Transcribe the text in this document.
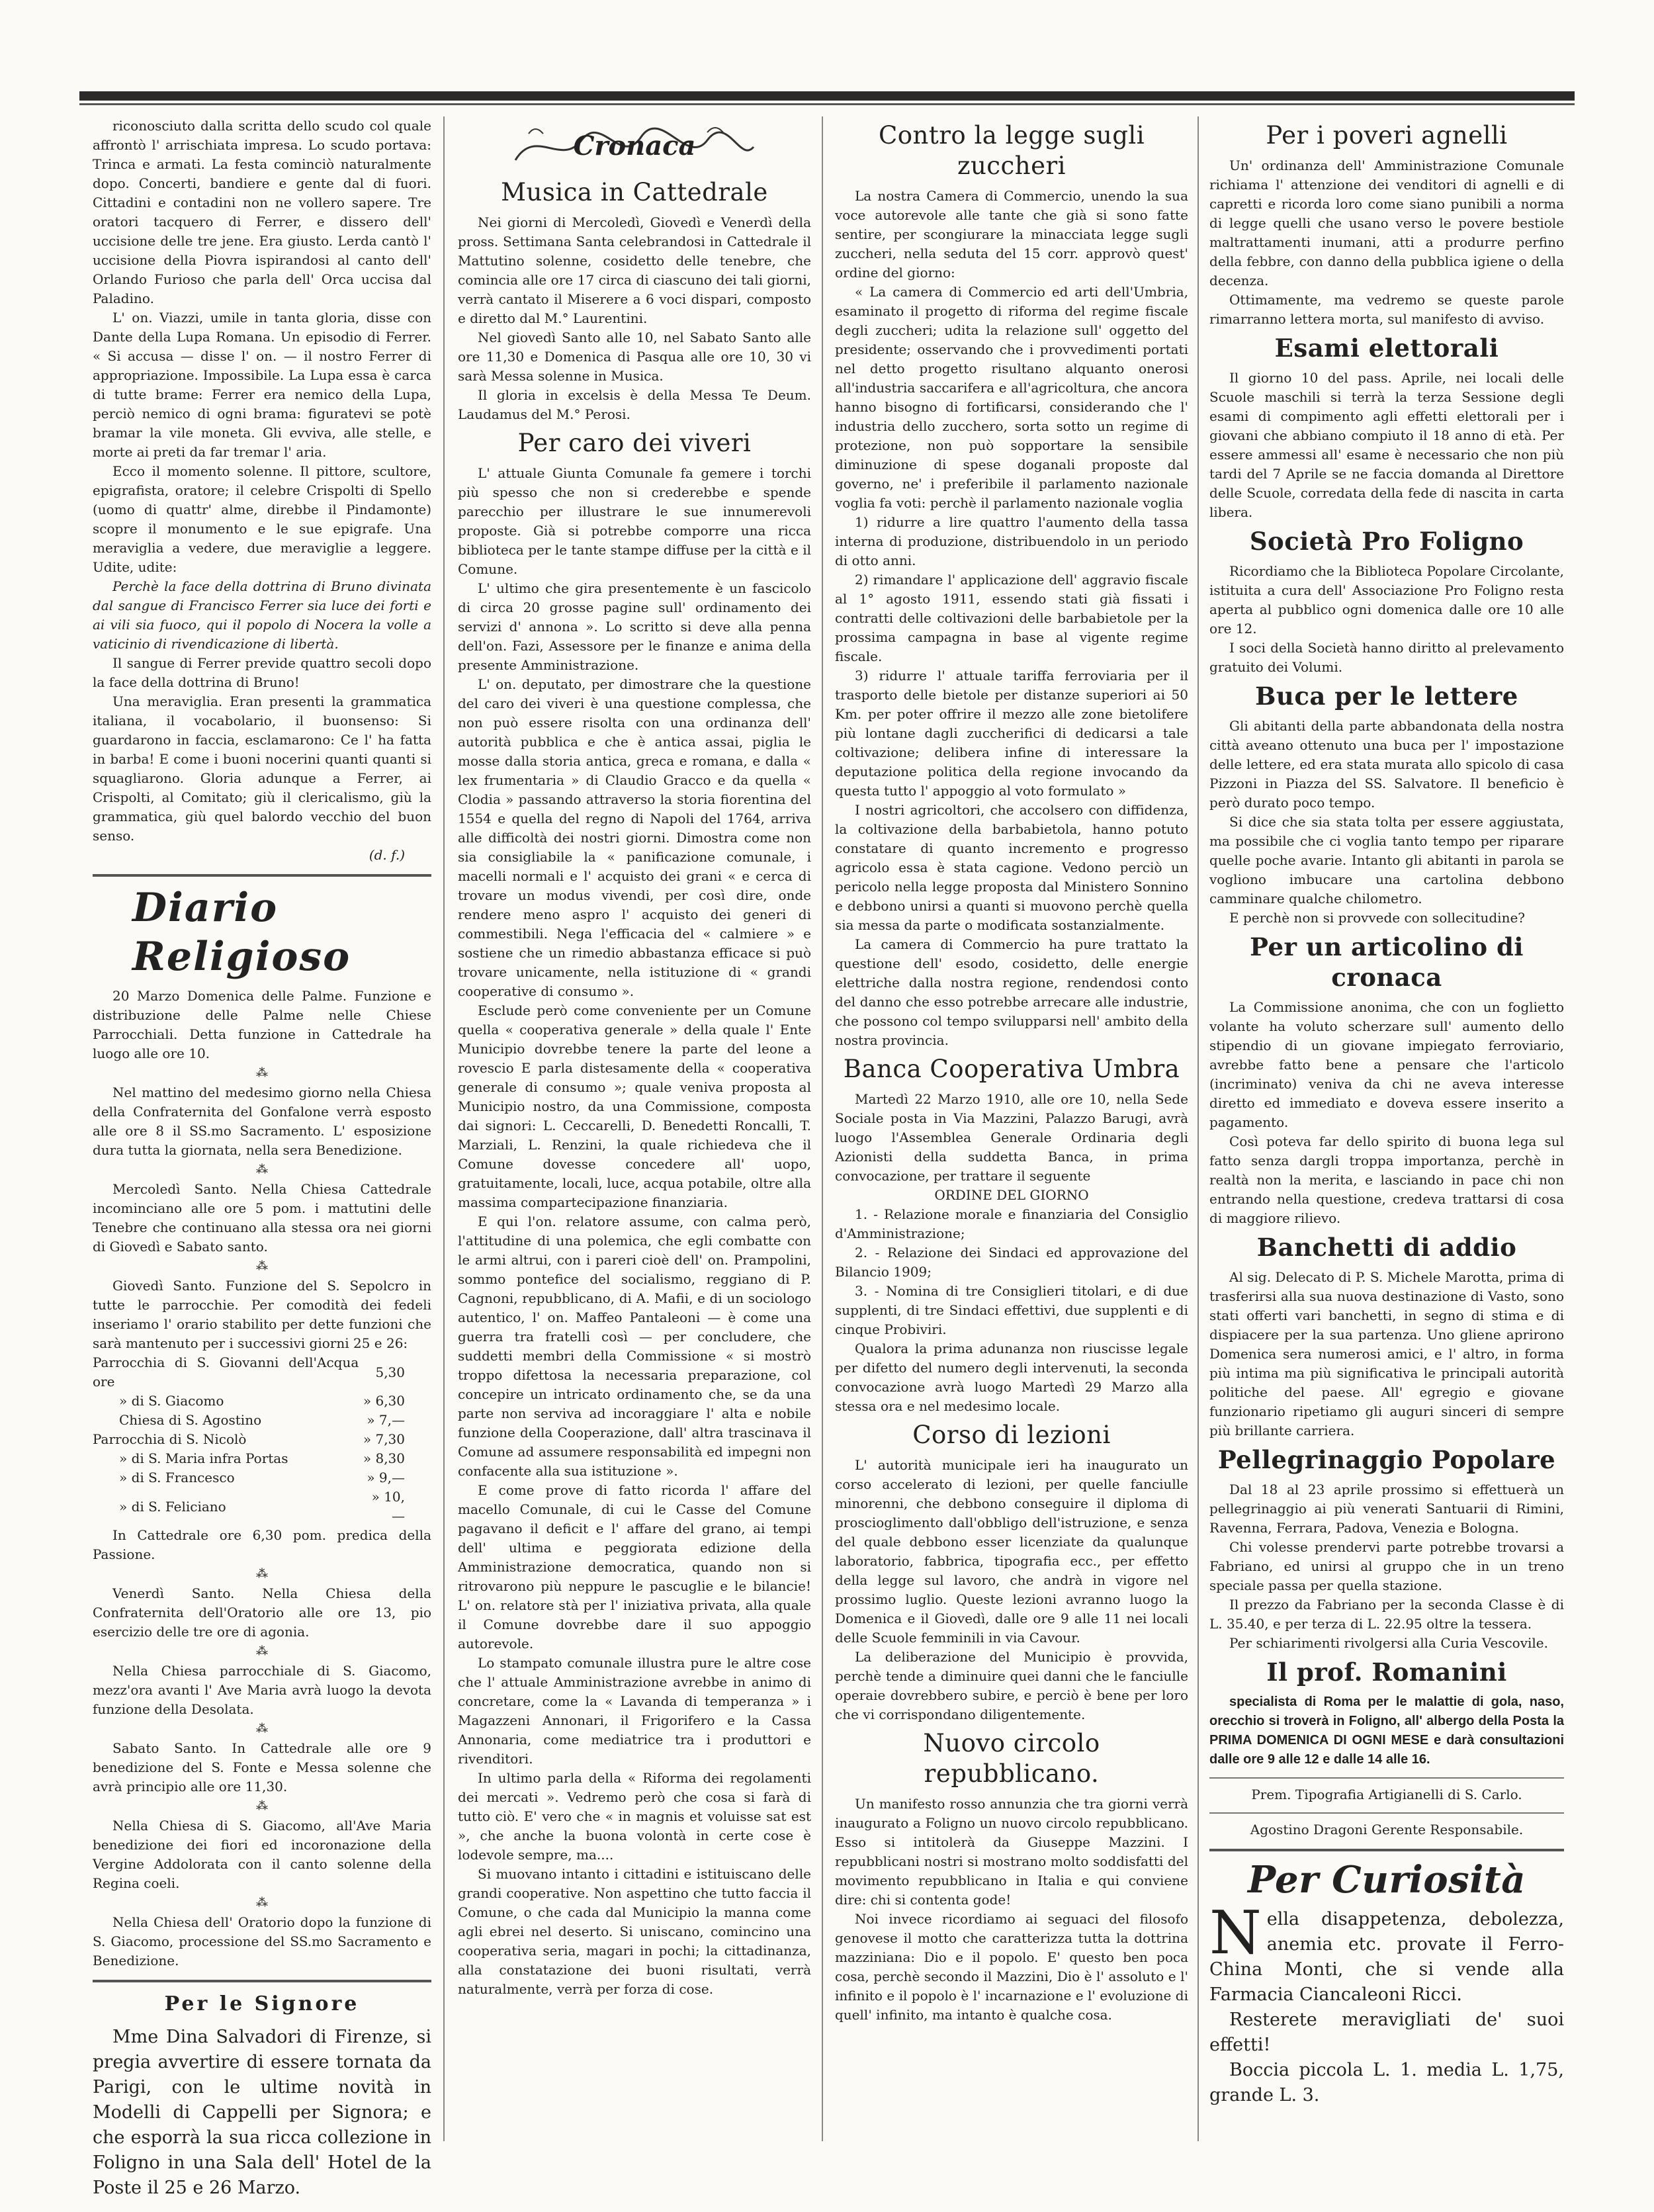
riconosciuto dalla scritta dello scudo col quale affrontò l' arrischiata impresa. Lo scudo portava: Trinca e armati. La festa cominciò naturalmente dopo. Concerti, bandiere e gente dal di fuori. Cittadini e contadini non ne vollero sapere. Tre oratori tacquero di Ferrer, e dissero dell' uccisione delle tre jene. Era giusto. Lerda cantò l' uccisione della Piovra ispirandosi al canto dell' Orlando Furioso che parla dell' Orca uccisa dal Paladino.

L' on. Viazzi, umile in tanta gloria, disse con Dante della Lupa Romana. Un episodio di Ferrer. « Si accusa — disse l' on. — il nostro Ferrer di appropriazione. Impossibile. La Lupa essa è carca di tutte brame: Ferrer era nemico della Lupa, perciò nemico di ogni brama: figuratevi se potè bramar la vile moneta. Gli evviva, alle stelle, e morte ai preti da far tremar l' aria.

Ecco il momento solenne. Il pittore, scultore, epigrafista, oratore; il celebre Crispolti di Spello (uomo di quattr' alme, direbbe il Pindamonte) scopre il monumento e le sue epigrafe. Una meraviglia a vedere, due meraviglie a leggere. Udite, udite:

Perchè la face della dottrina di Bruno divinata dal sangue di Francisco Ferrer sia luce dei forti e ai vili sia fuoco, qui il popolo di Nocera la volle a vaticinio di rivendicazione di libertà.

Il sangue di Ferrer previde quattro secoli dopo la face della dottrina di Bruno!

Una meraviglia. Eran presenti la grammatica italiana, il vocabolario, il buonsenso: Si guardarono in faccia, esclamarono: Ce l' ha fatta in barba! E come i buoni nocerini quanti quanti si squagliarono. Gloria adunque a Ferrer, ai Crispolti, al Comitato; giù il clericalismo, giù la grammatica, giù quel balordo vecchio del buon senso.

(d. f.)
Diario Religioso

20 Marzo Domenica delle Palme. Funzione e distribuzione delle Palme nelle Chiese Parrocchiali. Detta funzione in Cattedrale ha luogo alle ore 10.

⁂

Nel mattino del medesimo giorno nella Chiesa della Confraternita del Gonfalone verrà esposto alle ore 8 il SS.mo Sacramento. L' esposizione dura tutta la giornata, nella sera Benedizione.

⁂

Mercoledì Santo. Nella Chiesa Cattedrale incominciano alle ore 5 pom. i mattutini delle Tenebre che continuano alla stessa ora nei giorni di Giovedì e Sabato santo.

⁂

Giovedì Santo. Funzione del S. Sepolcro in tutte le parrocchie. Per comodità dei fedeli inseriamo l' orario stabilito per dette funzioni che sarà mantenuto per i successivi giorni 25 e 26:

Parrocchia di S. Giovanni dell'Acqua ore	5,30
» di S. Giacomo	» 6,30
Chiesa di S. Agostino	» 7,—
Parrocchia di S. Nicolò	» 7,30
» di S. Maria infra Portas	» 8,30
» di S. Francesco	» 9,—
» di S. Feliciano	» 10,—

In Cattedrale ore 6,30 pom. predica della Passione.

⁂

Venerdì Santo. Nella Chiesa della Confraternita dell'Oratorio alle ore 13, pio esercizio delle tre ore di agonia.

⁂

Nella Chiesa parrocchiale di S. Giacomo, mezz'ora avanti l' Ave Maria avrà luogo la devota funzione della Desolata.

⁂

Sabato Santo. In Cattedrale alle ore 9 benedizione del S. Fonte e Messa solenne che avrà principio alle ore 11,30.

⁂

Nella Chiesa di S. Giacomo, all'Ave Maria benedizione dei fiori ed incoronazione della Vergine Addolorata con il canto solenne della Regina coeli.

⁂

Nella Chiesa dell' Oratorio dopo la funzione di S. Giacomo, processione del SS.mo Sacramento e Benedizione.

Per le Signore

Mme Dina Salvadori di Firenze, si pregia avvertire di essere tornata da Parigi, con le ultime novità in Modelli di Cappelli per Signora; e che esporrà la sua ricca collezione in Foligno in una Sala dell' Hotel de la Poste il 25 e 26 Marzo.

Cronaca
Musica in Cattedrale

Nei giorni di Mercoledì, Giovedì e Venerdì della pross. Settimana Santa celebrandosi in Cattedrale il Mattutino solenne, cosidetto delle tenebre, che comincia alle ore 17 circa di ciascuno dei tali giorni, verrà cantato il Miserere a 6 voci dispari, composto e diretto dal M.° Laurentini.

Nel giovedì Santo alle 10, nel Sabato Santo alle ore 11,30 e Domenica di Pasqua alle ore 10, 30 vi sarà Messa solenne in Musica.

Il gloria in excelsis è della Messa Te Deum. Laudamus del M.° Perosi.

Per caro dei viveri

L' attuale Giunta Comunale fa gemere i torchi più spesso che non si crederebbe e spende parecchio per illustrare le sue innumerevoli proposte. Già si potrebbe comporre una ricca biblioteca per le tante stampe diffuse per la città e il Comune.

L' ultimo che gira presentemente è un fascicolo di circa 20 grosse pagine sull' ordinamento dei servizi d' annona ». Lo scritto si deve alla penna dell'on. Fazi, Assessore per le finanze e anima della presente Amministrazione.

L' on. deputato, per dimostrare che la questione del caro dei viveri è una questione complessa, che non può essere risolta con una ordinanza dell' autorità pubblica e che è antica assai, piglia le mosse dalla storia antica, greca e romana, e dalla « lex frumentaria » di Claudio Gracco e da quella « Clodia » passando attraverso la storia fiorentina del 1554 e quella del regno di Napoli del 1764, arriva alle difficoltà dei nostri giorni. Dimostra come non sia consigliabile la « panificazione comunale, i macelli normali e l' acquisto dei grani « e cerca di trovare un modus vivendi, per così dire, onde rendere meno aspro l' acquisto dei generi di commestibili. Nega l'efficacia del « calmiere » e sostiene che un rimedio abbastanza efficace si può trovare unicamente, nella istituzione di « grandi cooperative di consumo ».

Esclude però come conveniente per un Comune quella « cooperativa generale » della quale l' Ente Municipio dovrebbe tenere la parte del leone a rovescio E parla distesamente della « cooperativa generale di consumo »; quale veniva proposta al Municipio nostro, da una Commissione, composta dai signori: L. Ceccarelli, D. Benedetti Roncalli, T. Marziali, L. Renzini, la quale richiedeva che il Comune dovesse concedere all' uopo, gratuitamente, locali, luce, acqua potabile, oltre alla massima compartecipazione finanziaria.

E qui l'on. relatore assume, con calma però, l'attitudine di una polemica, che egli combatte con le armi altrui, con i pareri cioè dell' on. Prampolini, sommo pontefice del socialismo, reggiano di P. Cagnoni, repubblicano, di A. Mafii, e di un sociologo autentico, l' on. Maffeo Pantaleoni — è come una guerra tra fratelli così — per concludere, che suddetti membri della Commissione « si mostrò troppo difettosa la necessaria preparazione, col concepire un intricato ordinamento che, se da una parte non serviva ad incoraggiare l' alta e nobile funzione della Cooperazione, dall' altra trascinava il Comune ad assumere responsabilità ed impegni non confacente alla sua istituzione ».

E come prove di fatto ricorda l' affare del macello Comunale, di cui le Casse del Comune pagavano il deficit e l' affare del grano, ai tempi dell' ultima e peggiorata edizione della Amministrazione democratica, quando non si ritrovarono più neppure le pascuglie e le bilancie! L' on. relatore stà per l' iniziativa privata, alla quale il Comune dovrebbe dare il suo appoggio autorevole.

Lo stampato comunale illustra pure le altre cose che l' attuale Amministrazione avrebbe in animo di concretare, come la « Lavanda di temperanza » i Magazzeni Annonari, il Frigorifero e la Cassa Annonaria, come mediatrice tra i produttori e rivenditori.

In ultimo parla della « Riforma dei regolamenti dei mercati ». Vedremo però che cosa si farà di tutto ciò. E' vero che « in magnis et voluisse sat est », che anche la buona volontà in certe cose è lodevole sempre, ma....

Si muovano intanto i cittadini e istituiscano delle grandi cooperative. Non aspettino che tutto faccia il Comune, o che cada dal Municipio la manna come agli ebrei nel deserto. Si uniscano, comincino una cooperativa seria, magari in pochi; la cittadinanza, alla constatazione dei buoni risultati, verrà naturalmente, verrà per forza di cose.

Contro la legge sugli zuccheri

La nostra Camera di Commercio, unendo la sua voce autorevole alle tante che già si sono fatte sentire, per scongiurare la minacciata legge sugli zuccheri, nella seduta del 15 corr. approvò quest' ordine del giorno:

« La camera di Commercio ed arti dell'Umbria, esaminato il progetto di riforma del regime fiscale degli zuccheri; udita la relazione sull' oggetto del presidente; osservando che i provvedimenti portati nel detto progetto risultano alquanto onerosi all'industria saccarifera e all'agricoltura, che ancora hanno bisogno di fortificarsi, considerando che l' industria dello zucchero, sorta sotto un regime di protezione, non può sopportare la sensibile diminuzione di spese doganali proposte dal governo, ne' i preferibile il parlamento nazionale voglia fa voti: perchè il parlamento nazionale voglia

1) ridurre a lire quattro l'aumento della tassa interna di produzione, distribuendolo in un periodo di otto anni.

2) rimandare l' applicazione dell' aggravio fiscale al 1° agosto 1911, essendo stati già fissati i contratti delle coltivazioni delle barbabietole per la prossima campagna in base al vigente regime fiscale.

3) ridurre l' attuale tariffa ferroviaria per il trasporto delle bietole per distanze superiori ai 50 Km. per poter offrire il mezzo alle zone bietolifere più lontane dagli zuccherifici di dedicarsi a tale coltivazione; delibera infine di interessare la deputazione politica della regione invocando da questa tutto l' appoggio al voto formulato »

I nostri agricoltori, che accolsero con diffidenza, la coltivazione della barbabietola, hanno potuto constatare di quanto incremento e progresso agricolo essa è stata cagione. Vedono perciò un pericolo nella legge proposta dal Ministero Sonnino e debbono unirsi a quanti si muovono perchè quella sia messa da parte o modificata sostanzialmente.

La camera di Commercio ha pure trattato la questione dell' esodo, cosidetto, delle energie elettriche dalla nostra regione, rendendosi conto del danno che esso potrebbe arrecare alle industrie, che possono col tempo svilupparsi nell' ambito della nostra provincia.

Banca Cooperativa Umbra

Martedì 22 Marzo 1910, alle ore 10, nella Sede Sociale posta in Via Mazzini, Palazzo Barugi, avrà luogo l'Assemblea Generale Ordinaria degli Azionisti della suddetta Banca, in prima convocazione, per trattare il seguente

ORDINE DEL GIORNO

1. - Relazione morale e finanziaria del Consiglio d'Amministrazione;

2. - Relazione dei Sindaci ed approvazione del Bilancio 1909;

3. - Nomina di tre Consiglieri titolari, e di due supplenti, di tre Sindaci effettivi, due supplenti e di cinque Probiviri.

Qualora la prima adunanza non riuscisse legale per difetto del numero degli intervenuti, la seconda convocazione avrà luogo Martedì 29 Marzo alla stessa ora e nel medesimo locale.

Corso di lezioni

L' autorità municipale ieri ha inaugurato un corso accelerato di lezioni, per quelle fanciulle minorenni, che debbono conseguire il diploma di proscioglimento dall'obbligo dell'istruzione, e senza del quale debbono esser licenziate da qualunque laboratorio, fabbrica, tipografia ecc., per effetto della legge sul lavoro, che andrà in vigore nel prossimo luglio. Queste lezioni avranno luogo la Domenica e il Giovedì, dalle ore 9 alle 11 nei locali delle Scuole femminili in via Cavour.

La deliberazione del Municipio è provvida, perchè tende a diminuire quei danni che le fanciulle operaie dovrebbero subire, e perciò è bene per loro che vi corrispondano diligentemente.

Nuovo circolo repubblicano.

Un manifesto rosso annunzia che tra giorni verrà inaugurato a Foligno un nuovo circolo repubblicano. Esso si intitolerà da Giuseppe Mazzini. I repubblicani nostri si mostrano molto soddisfatti del movimento repubblicano in Italia e qui conviene dire: chi si contenta gode!

Noi invece ricordiamo ai seguaci del filosofo genovese il motto che caratterizza tutta la dottrina mazziniana: Dio e il popolo. E' questo ben poca cosa, perchè secondo il Mazzini, Dio è l' assoluto e l' infinito e il popolo è l' incarnazione e l' evoluzione di quell' infinito, ma intanto è qualche cosa.

Per i poveri agnelli

Un' ordinanza dell' Amministrazione Comunale richiama l' attenzione dei venditori di agnelli e di capretti e ricorda loro come siano punibili a norma di legge quelli che usano verso le povere bestiole maltrattamenti inumani, atti a produrre perfino della febbre, con danno della pubblica igiene o della decenza.

Ottimamente, ma vedremo se queste parole rimarranno lettera morta, sul manifesto di avviso.

Esami elettorali

Il giorno 10 del pass. Aprile, nei locali delle Scuole maschili si terrà la terza Sessione degli esami di compimento agli effetti elettorali per i giovani che abbiano compiuto il 18 anno di età. Per essere ammessi all' esame è necessario che non più tardi del 7 Aprile se ne faccia domanda al Direttore delle Scuole, corredata della fede di nascita in carta libera.

Società Pro Foligno

Ricordiamo che la Biblioteca Popolare Circolante, istituita a cura dell' Associazione Pro Foligno resta aperta al pubblico ogni domenica dalle ore 10 alle ore 12.

I soci della Società hanno diritto al prelevamento gratuito dei Volumi.

Buca per le lettere

Gli abitanti della parte abbandonata della nostra città aveano ottenuto una buca per l' impostazione delle lettere, ed era stata murata allo spicolo di casa Pizzoni in Piazza del SS. Salvatore. Il beneficio è però durato poco tempo.

Si dice che sia stata tolta per essere aggiustata, ma possibile che ci voglia tanto tempo per riparare quelle poche avarie. Intanto gli abitanti in parola se vogliono imbucare una cartolina debbono camminare qualche chilometro.

E perchè non si provvede con sollecitudine?

Per un articolino di cronaca

La Commissione anonima, che con un foglietto volante ha voluto scherzare sull' aumento dello stipendio di un giovane impiegato ferroviario, avrebbe fatto bene a pensare che l'articolo (incriminato) veniva da chi ne aveva interesse diretto ed immediato e doveva essere inserito a pagamento.

Così poteva far dello spirito di buona lega sul fatto senza dargli troppa importanza, perchè in realtà non la merita, e lasciando in pace chi non entrando nella questione, credeva trattarsi di cosa di maggiore rilievo.

Banchetti di addio

Al sig. Delecato di P. S. Michele Marotta, prima di trasferirsi alla sua nuova destinazione di Vasto, sono stati offerti vari banchetti, in segno di stima e di dispiacere per la sua partenza. Uno gliene aprirono Domenica sera numerosi amici, e l' altro, in forma più intima ma più significativa le principali autorità politiche del paese. All' egregio e giovane funzionario ripetiamo gli auguri sinceri di sempre più brillante carriera.

Pellegrinaggio Popolare

Dal 18 al 23 aprile prossimo si effettuerà un pellegrinaggio ai più venerati Santuarii di Rimini, Ravenna, Ferrara, Padova, Venezia e Bologna.

Chi volesse prendervi parte potrebbe trovarsi a Fabriano, ed unirsi al gruppo che in un treno speciale passa per quella stazione.

Il prezzo da Fabriano per la seconda Classe è di L. 35.40, e per terza di L. 22.95 oltre la tessera.

Per schiarimenti rivolgersi alla Curia Vescovile.

Il prof. Romanini

specialista di Roma per le malattie di gola, naso, orecchio si troverà in Foligno, all' albergo della Posta la PRIMA DOMENICA DI OGNI MESE e darà consultazioni dalle ore 9 alle 12 e dalle 14 alle 16.

Prem. Tipografia Artigianelli di S. Carlo.

Agostino Dragoni Gerente Responsabile.

Per Curiosità

Nella disappetenza, debolezza, anemia etc. provate il Ferro-China Monti, che si vende alla Farmacia Ciancaleoni Ricci.

Resterete meravigliati de' suoi effetti!

Boccia piccola L. 1. media L. 1,75, grande L. 3.
